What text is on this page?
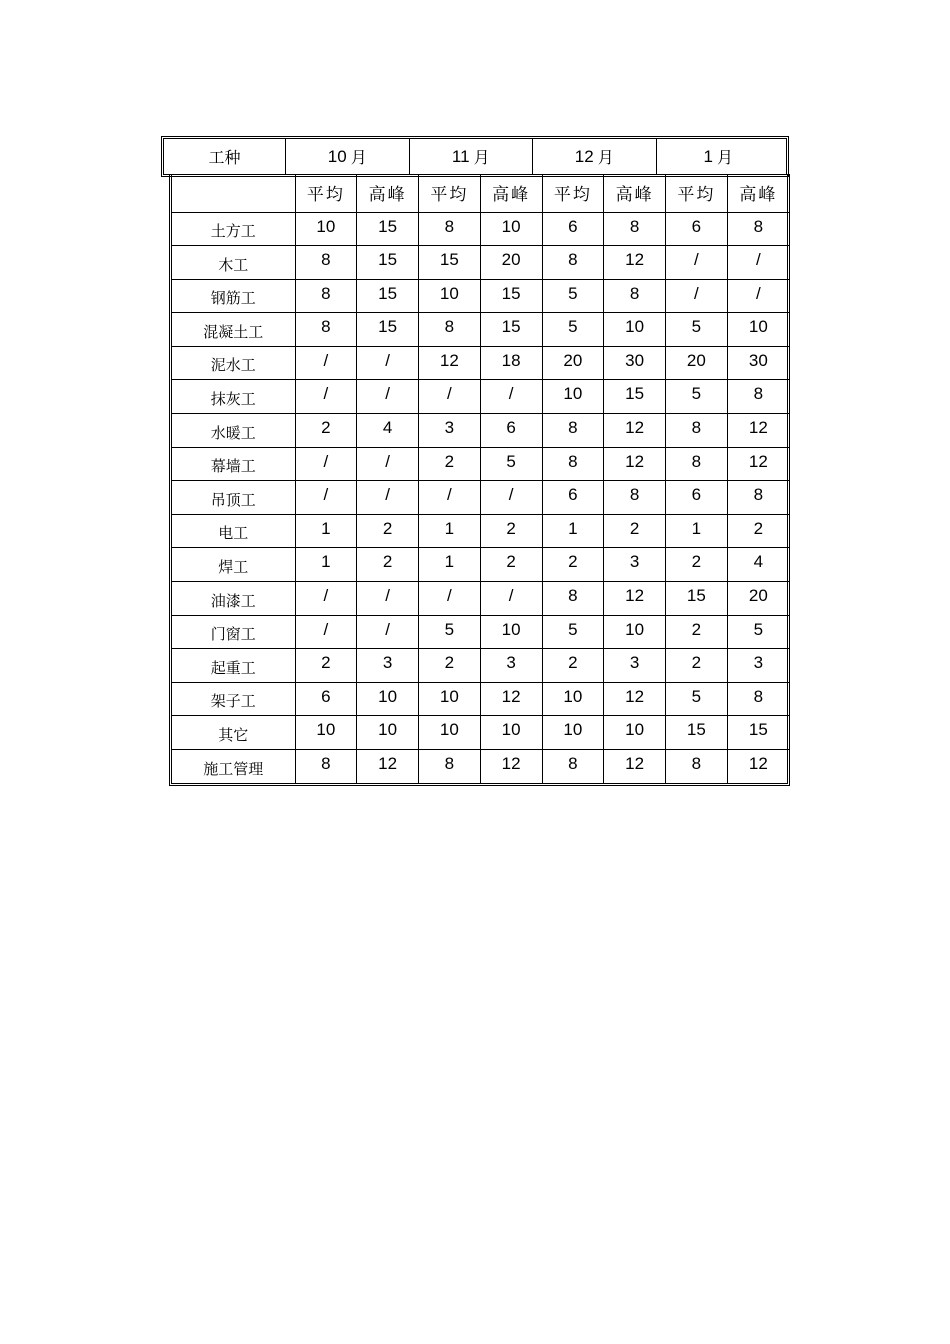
工种	10 月	11 月	12 月	1 月
	平均	高峰	平均	高峰	平均	高峰	平均	高峰
土方工	10	15	8	10	6	8	6	8
木工	8	15	15	20	8	12	/	/
钢筋工	8	15	10	15	5	8	/	/
混凝土工	8	15	8	15	5	10	5	10
泥水工	/	/	12	18	20	30	20	30
抹灰工	/	/	/	/	10	15	5	8
水暖工	2	4	3	6	8	12	8	12
幕墙工	/	/	2	5	8	12	8	12
吊顶工	/	/	/	/	6	8	6	8
电工	1	2	1	2	1	2	1	2
焊工	1	2	1	2	2	3	2	4
油漆工	/	/	/	/	8	12	15	20
门窗工	/	/	5	10	5	10	2	5
起重工	2	3	2	3	2	3	2	3
架子工	6	10	10	12	10	12	5	8
其它	10	10	10	10	10	10	15	15
施工管理	8	12	8	12	8	12	8	12
